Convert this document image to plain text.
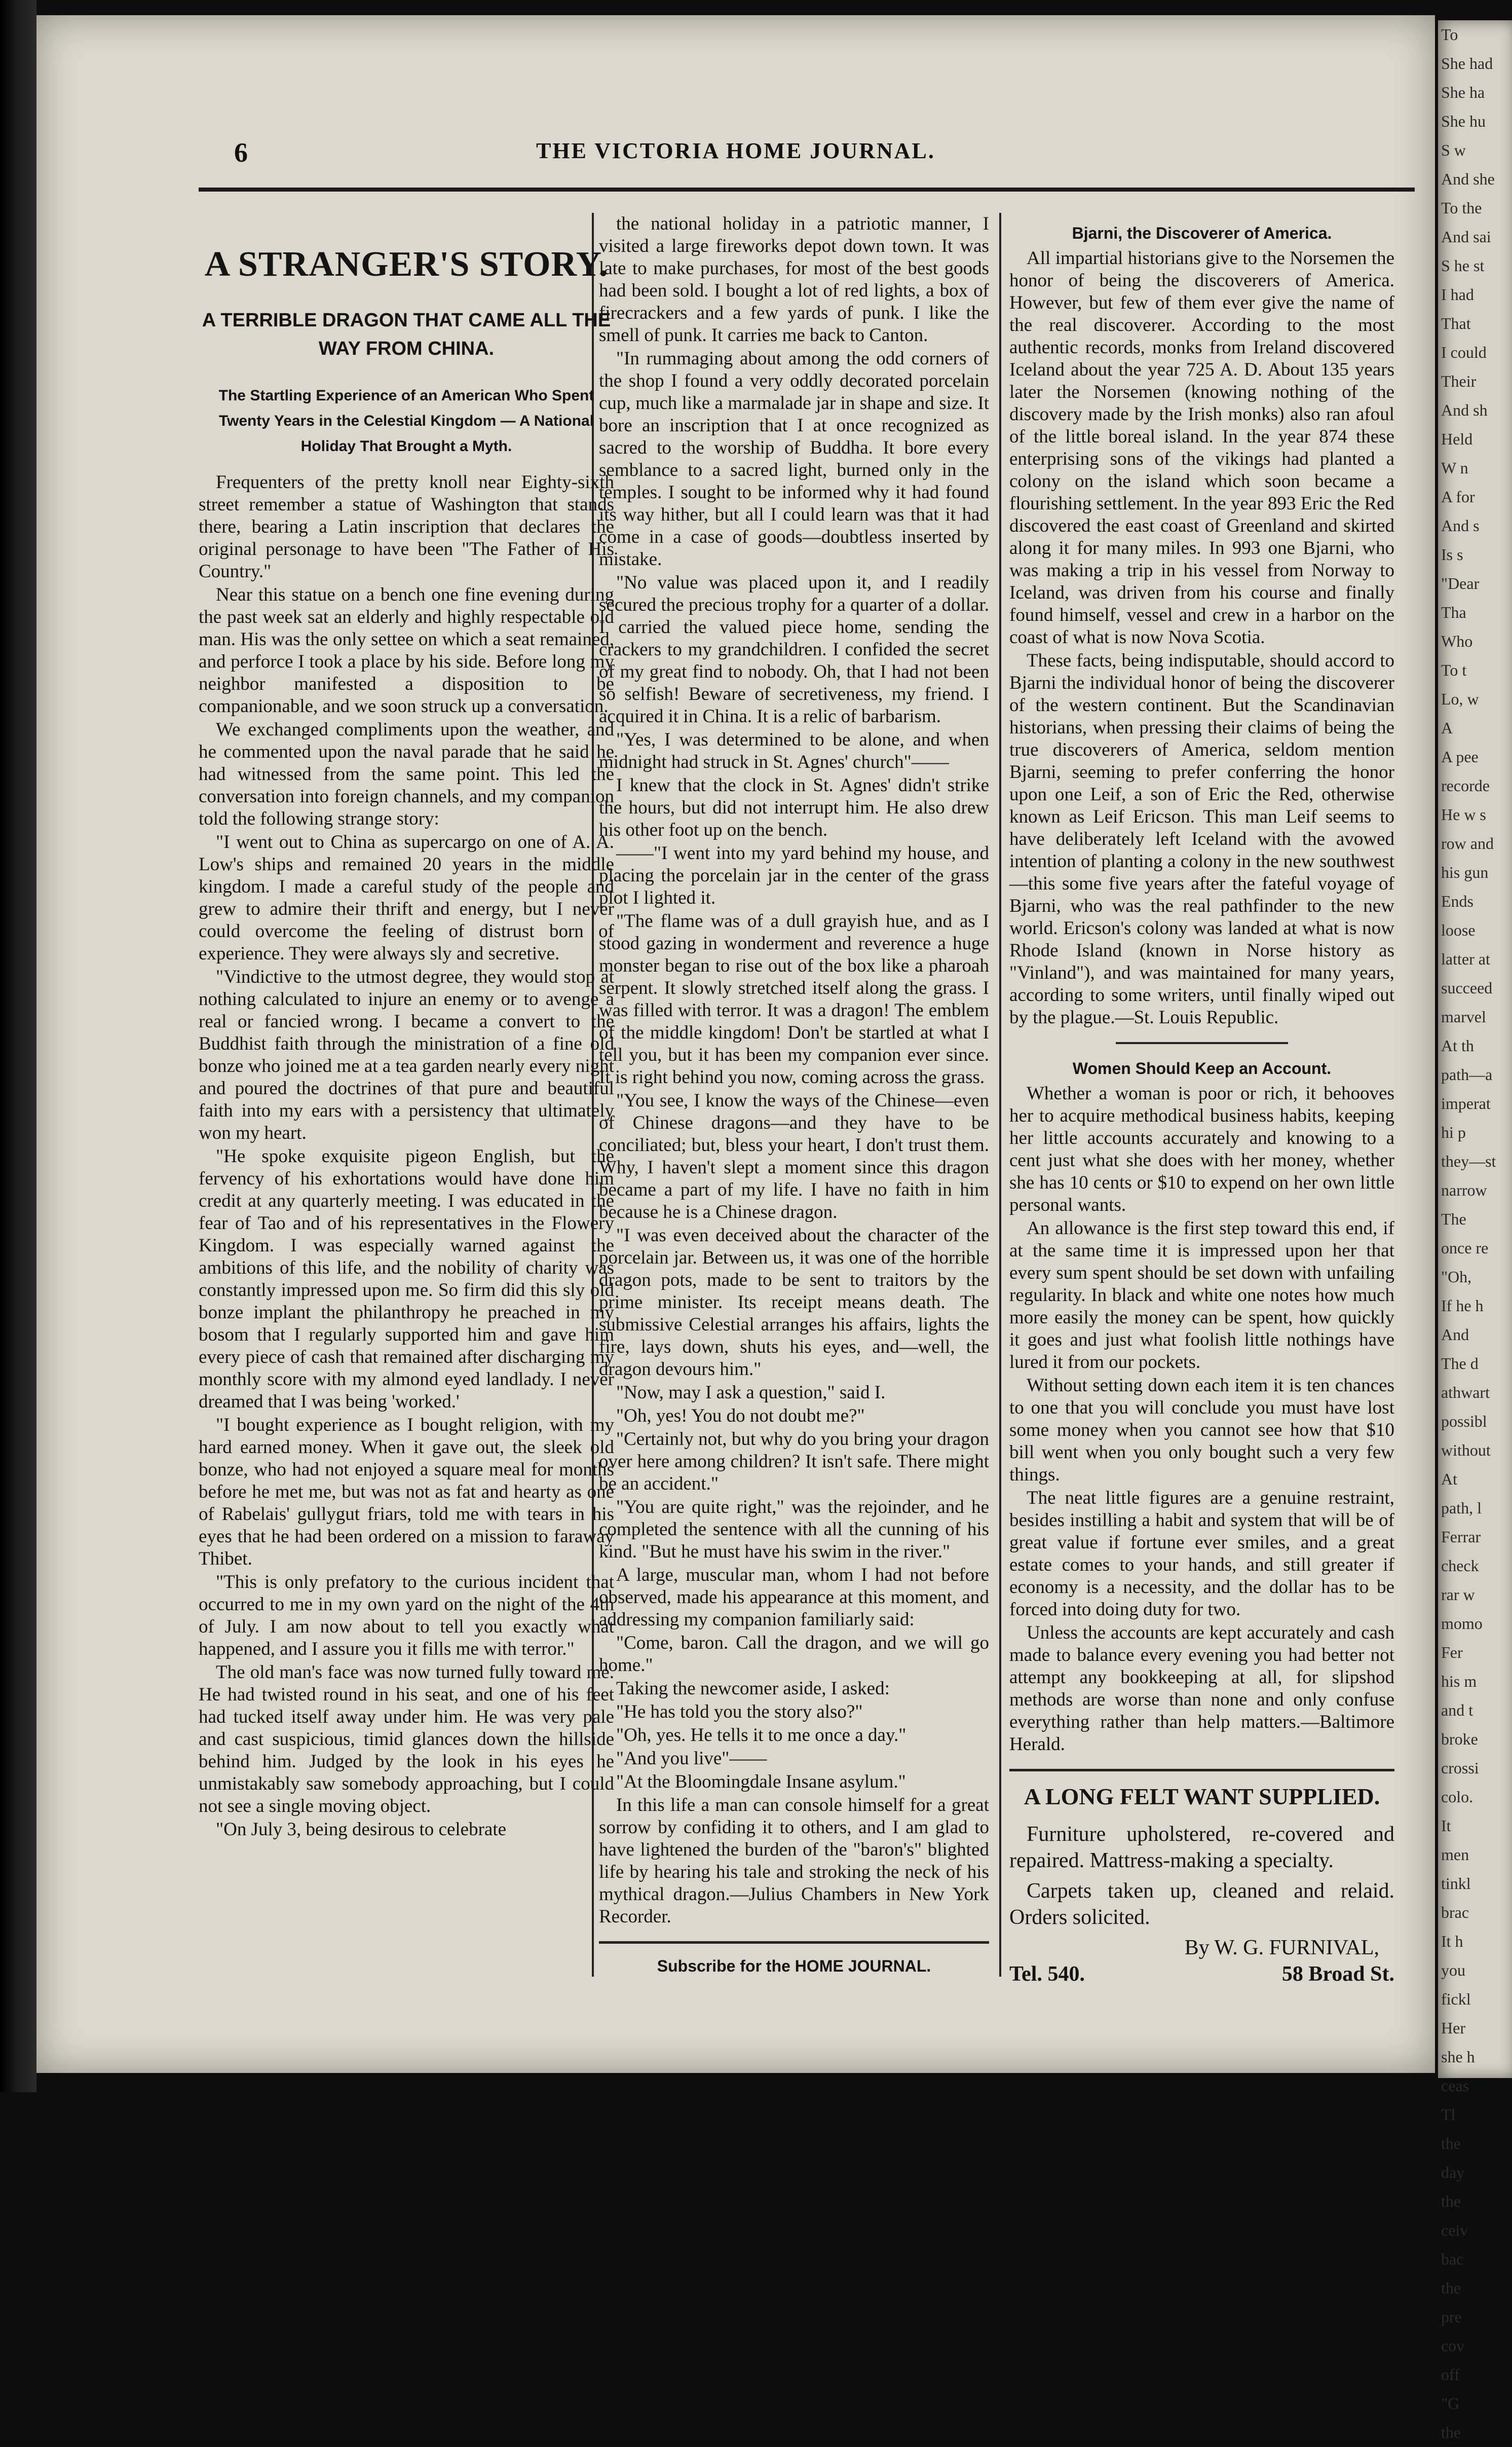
6	THE VICTORIA HOME JOURNAL.
A STRANGER'S STORY.
A TERRIBLE DRAGON THAT CAME ALL THE WAY FROM CHINA.
The Startling Experience of an American Who Spent Twenty Years in the Celestial Kingdom — A National Holiday That Brought a Myth.

Frequenters of the pretty knoll near Eighty-sixth street remember a statue of Washington that stands there, bearing a Latin inscription that declares the original personage to have been "The Father of His Country."

Near this statue on a bench one fine evening during the past week sat an elderly and highly respectable old man. His was the only settee on which a seat remained, and perforce I took a place by his side. Before long my neighbor manifested a disposition to be companionable, and we soon struck up a conversation.

We exchanged compliments upon the weather, and he commented upon the naval parade that he said he had witnessed from the same point. This led the conversation into foreign channels, and my companion told the following strange story:

"I went out to China as supercargo on one of A. A. Low's ships and remained 20 years in the middle kingdom. I made a careful study of the people and grew to admire their thrift and energy, but I never could overcome the feeling of distrust born of experience. They were always sly and secretive.

"Vindictive to the utmost degree, they would stop at nothing calculated to injure an enemy or to avenge a real or fancied wrong. I became a convert to the Buddhist faith through the ministration of a fine old bonze who joined me at a tea garden nearly every night and poured the doctrines of that pure and beautiful faith into my ears with a persistency that ultimately won my heart.

"He spoke exquisite pigeon English, but the fervency of his exhortations would have done him credit at any quarterly meeting. I was educated in the fear of Tao and of his representatives in the Flowery Kingdom. I was especially warned against the ambitions of this life, and the nobility of charity was constantly impressed upon me. So firm did this sly old bonze implant the philanthropy he preached in my bosom that I regularly supported him and gave him every piece of cash that remained after discharging my monthly score with my almond eyed landlady. I never dreamed that I was being 'worked.'

"I bought experience as I bought religion, with my hard earned money. When it gave out, the sleek old bonze, who had not enjoyed a square meal for months before he met me, but was not as fat and hearty as one of Rabelais' gullygut friars, told me with tears in his eyes that he had been ordered on a mission to faraway Thibet.

"This is only prefatory to the curious incident that occurred to me in my own yard on the night of the 4th of July. I am now about to tell you exactly what happened, and I assure you it fills me with terror."

The old man's face was now turned fully toward me. He had twisted round in his seat, and one of his feet had tucked itself away under him. He was very pale and cast suspicious, timid glances down the hillside behind him. Judged by the look in his eyes he unmistakably saw somebody approaching, but I could not see a single moving object.

"On July 3, being desirous to celebrate

the national holiday in a patriotic manner, I visited a large fireworks depot down town. It was late to make purchases, for most of the best goods had been sold. I bought a lot of red lights, a box of firecrackers and a few yards of punk. I like the smell of punk. It carries me back to Canton.

"In rummaging about among the odd corners of the shop I found a very oddly decorated porcelain cup, much like a marmalade jar in shape and size. It bore an inscription that I at once recognized as sacred to the worship of Buddha. It bore every semblance to a sacred light, burned only in the temples. I sought to be informed why it had found its way hither, but all I could learn was that it had come in a case of goods—doubtless inserted by mistake.

"No value was placed upon it, and I readily secured the precious trophy for a quarter of a dollar. I carried the valued piece home, sending the crackers to my grandchildren. I confided the secret of my great find to nobody. Oh, that I had not been so selfish! Beware of secretiveness, my friend. I acquired it in China. It is a relic of barbarism.

"Yes, I was determined to be alone, and when midnight had struck in St. Agnes' church"——

I knew that the clock in St. Agnes' didn't strike the hours, but did not interrupt him. He also drew his other foot up on the bench.

——"I went into my yard behind my house, and placing the porcelain jar in the center of the grass plot I lighted it.

"The flame was of a dull grayish hue, and as I stood gazing in wonderment and reverence a huge monster began to rise out of the box like a pharoah serpent. It slowly stretched itself along the grass. I was filled with terror. It was a dragon! The emblem of the middle kingdom! Don't be startled at what I tell you, but it has been my companion ever since. It is right behind you now, coming across the grass.

"You see, I know the ways of the Chinese—even of Chinese dragons—and they have to be conciliated; but, bless your heart, I don't trust them. Why, I haven't slept a moment since this dragon became a part of my life. I have no faith in him because he is a Chinese dragon.

"I was even deceived about the character of the porcelain jar. Between us, it was one of the horrible dragon pots, made to be sent to traitors by the prime minister. Its receipt means death. The submissive Celestial arranges his affairs, lights the fire, lays down, shuts his eyes, and—well, the dragon devours him."

"Now, may I ask a question," said I.

"Oh, yes! You do not doubt me?"

"Certainly not, but why do you bring your dragon over here among children? It isn't safe. There might be an accident."

"You are quite right," was the rejoinder, and he completed the sentence with all the cunning of his kind. "But he must have his swim in the river."

A large, muscular man, whom I had not before observed, made his appearance at this moment, and addressing my companion familiarly said:

"Come, baron. Call the dragon, and we will go home."

Taking the newcomer aside, I asked:

"He has told you the story also?"

"Oh, yes. He tells it to me once a day."

"And you live"——

"At the Bloomingdale Insane asylum."

In this life a man can console himself for a great sorrow by confiding it to others, and I am glad to have lightened the burden of the "baron's" blighted life by hearing his tale and stroking the neck of his mythical dragon.—Julius Chambers in New York Recorder.

Subscribe for the HOME JOURNAL.
Bjarni, the Discoverer of America.

All impartial historians give to the Norsemen the honor of being the discoverers of America. However, but few of them ever give the name of the real discoverer. According to the most authentic records, monks from Ireland discovered Iceland about the year 725 A. D. About 135 years later the Norsemen (knowing nothing of the discovery made by the Irish monks) also ran afoul of the little boreal island. In the year 874 these enterprising sons of the vikings had planted a colony on the island which soon became a flourishing settlement. In the year 893 Eric the Red discovered the east coast of Greenland and skirted along it for many miles. In 993 one Bjarni, who was making a trip in his vessel from Norway to Iceland, was driven from his course and finally found himself, vessel and crew in a harbor on the coast of what is now Nova Scotia.

These facts, being indisputable, should accord to Bjarni the individual honor of being the discoverer of the western continent. But the Scandinavian historians, when pressing their claims of being the true discoverers of America, seldom mention Bjarni, seeming to prefer conferring the honor upon one Leif, a son of Eric the Red, otherwise known as Leif Ericson. This man Leif seems to have deliberately left Iceland with the avowed intention of planting a colony in the new southwest—this some five years after the fateful voyage of Bjarni, who was the real pathfinder to the new world. Ericson's colony was landed at what is now Rhode Island (known in Norse history as "Vinland"), and was maintained for many years, according to some writers, until finally wiped out by the plague.—St. Louis Republic.

Women Should Keep an Account.

Whether a woman is poor or rich, it behooves her to acquire methodical business habits, keeping her little accounts accurately and knowing to a cent just what she does with her money, whether she has 10 cents or $10 to expend on her own little personal wants.

An allowance is the first step toward this end, if at the same time it is impressed upon her that every sum spent should be set down with unfailing regularity. In black and white one notes how much more easily the money can be spent, how quickly it goes and just what foolish little nothings have lured it from our pockets.

Without setting down each item it is ten chances to one that you will conclude you must have lost some money when you cannot see how that $10 bill went when you only bought such a very few things.

The neat little figures are a genuine restraint, besides instilling a habit and system that will be of great value if fortune ever smiles, and a great estate comes to your hands, and still greater if economy is a necessity, and the dollar has to be forced into doing duty for two.

Unless the accounts are kept accurately and cash made to balance every evening you had better not attempt any bookkeeping at all, for slipshod methods are worse than none and only confuse everything rather than help matters.—Baltimore Herald.

A LONG FELT WANT SUPPLIED.

Furniture upholstered, re-covered and repaired. Mattress-making a specialty.

Carpets taken up, cleaned and relaid. Orders solicited.

By W. G. FURNIVAL,
Tel. 540.	58 Broad St.
To
She had
She ha
She hu
S w
And she
To the
And sai
S he st
I had
That
I could
Their
And sh
Held
W n
A for
And s
Is s
"Dear
Tha
Who
To t
Lo, w
A
A pee
recorde
He w s
row and
his gun
Ends
loose
latter at
succeed
marvel
At th
path—a
imperat
hi p
they—st
narrow
The
once re
"Oh,
If he h
And
The d
athwart
possibl
without
At
path, l
Ferrar
check
rar w
momo
Fer
his m
and t
broke
crossi
colo.
It
men
tinkl
brac
It h
you
fickl
Her
she h
ceas
Tl
the
day
the
ceiv
bac
the
pre
cov
off
"G
the
